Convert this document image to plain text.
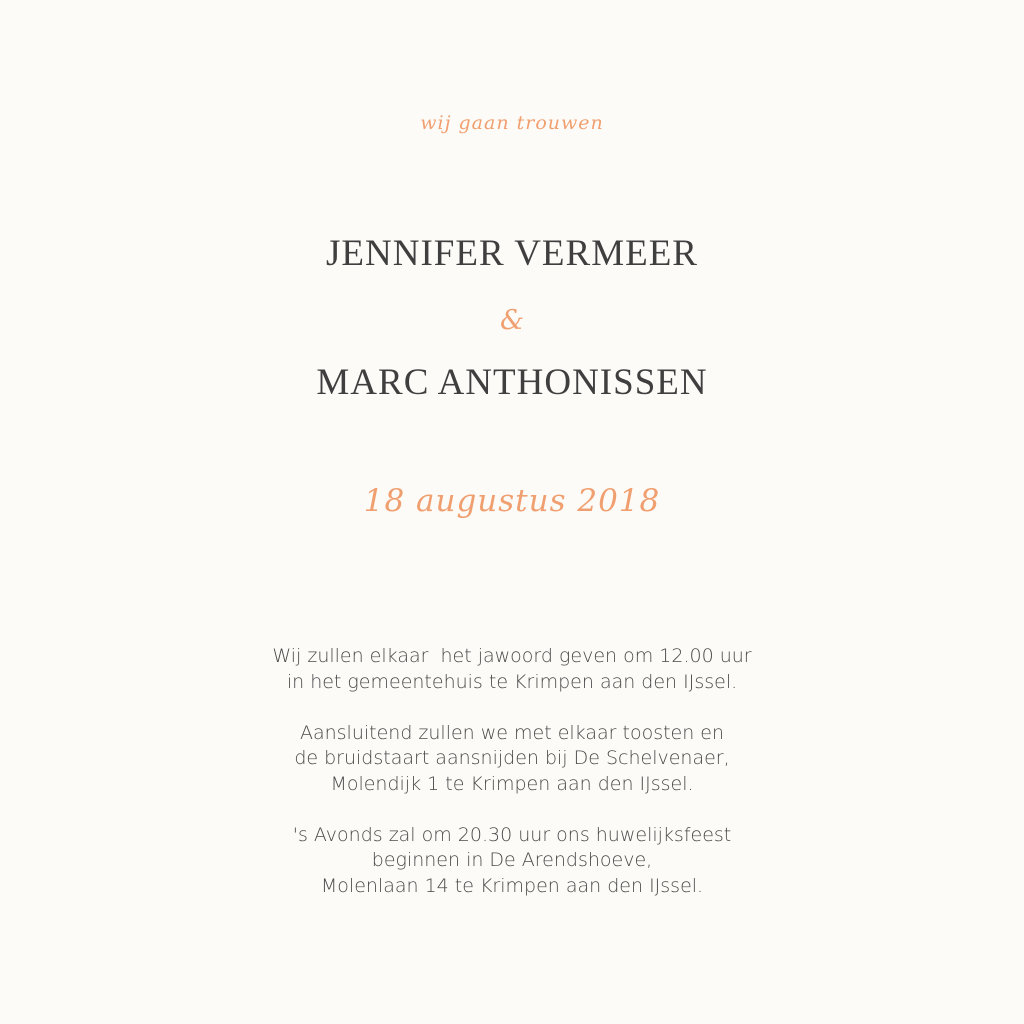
wij gaan trouwen
JENNIFER VERMEER
&
MARC ANTHONISSEN
18 augustus 2018
Wij zullen elkaar  het jawoord geven om 12.00 uur
in het gemeentehuis te Krimpen aan den IJssel.
Aansluitend zullen we met elkaar toosten en
de bruidstaart aansnijden bij De Schelvenaer,
Molendijk 1 te Krimpen aan den IJssel.
's Avonds zal om 20.30 uur ons huwelijksfeest
beginnen in De Arendshoeve,
Molenlaan 14 te Krimpen aan den IJssel.
